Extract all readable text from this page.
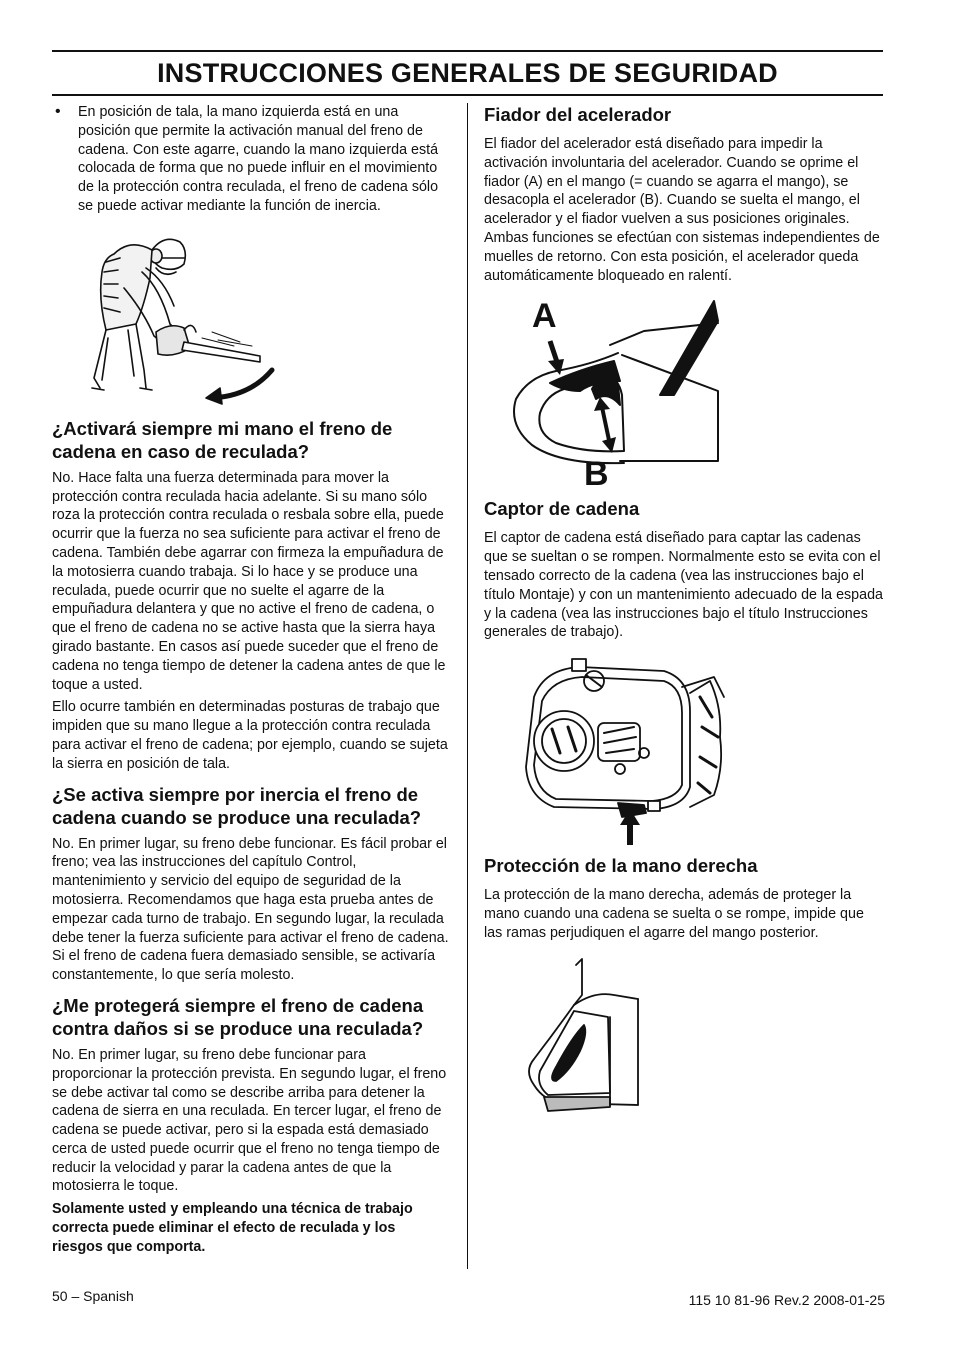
INSTRUCCIONES GENERALES DE SEGURIDAD
• En posición de tala, la mano izquierda está en una posición que permite la activación manual del freno de cadena. Con este agarre, cuando la mano izquierda está colocada de forma que no puede influir en el movimiento de la protección contra reculada, el freno de cadena sólo se puede activar mediante la función de inercia.

¿Activará siempre mi mano el freno de cadena en caso de reculada?

No. Hace falta una fuerza determinada para mover la protección contra reculada hacia adelante. Si su mano sólo roza la protección contra reculada o resbala sobre ella, puede ocurrir que la fuerza no sea suficiente para activar el freno de cadena. También debe agarrar con firmeza la empuñadura de la motosierra cuando trabaja. Si lo hace y se produce una reculada, puede ocurrir que no suelte el agarre de la empuñadura delantera y que no active el freno de cadena, o que el freno de cadena no se active hasta que la sierra haya girado bastante. En casos así puede suceder que el freno de cadena no tenga tiempo de detener la cadena antes de que le toque a usted.

Ello ocurre también en determinadas posturas de trabajo que impiden que su mano llegue a la protección contra reculada para activar el freno de cadena; por ejemplo, cuando se sujeta la sierra en posición de tala.

¿Se activa siempre por inercia el freno de cadena cuando se produce una reculada?

No. En primer lugar, su freno debe funcionar. Es fácil probar el freno; vea las instrucciones del capítulo Control, mantenimiento y servicio del equipo de seguridad de la motosierra. Recomendamos que haga esta prueba antes de empezar cada turno de trabajo. En segundo lugar, la reculada debe tener la fuerza suficiente para activar el freno de cadena. Si el freno de cadena fuera demasiado sensible, se activaría constantemente, lo que sería molesto.

¿Me protegerá siempre el freno de cadena contra daños si se produce una reculada?

No. En primer lugar, su freno debe funcionar para proporcionar la protección prevista. En segundo lugar, el freno se debe activar tal como se describe arriba para detener la cadena de sierra en una reculada. En tercer lugar, el freno de cadena se puede activar, pero si la espada está demasiado cerca de usted puede ocurrir que el freno no tenga tiempo de reducir la velocidad y parar la cadena antes de que la motosierra le toque.

Solamente usted y empleando una técnica de trabajo correcta puede eliminar el efecto de reculada y los riesgos que comporta.

Fiador del acelerador

El fiador del acelerador está diseñado para impedir la activación involuntaria del acelerador. Cuando se oprime el fiador (A) en el mango (= cuando se agarra el mango), se desacopla el acelerador (B). Cuando se suelta el mango, el acelerador y el fiador vuelven a sus posiciones originales. Ambas funciones se efectúan con sistemas independientes de muelles de retorno. Con esta posición, el acelerador queda automáticamente bloqueado en ralentí.

A
B
Captor de cadena

El captor de cadena está diseñado para captar las cadenas que se sueltan o se rompen. Normalmente esto se evita con el tensado correcto de la cadena (vea las instrucciones bajo el título Montaje) y con un mantenimiento adecuado de la espada y la cadena (vea las instrucciones bajo el título Instrucciones generales de trabajo).

Protección de la mano derecha

La protección de la mano derecha, además de proteger la mano cuando una cadena se suelta o se rompe, impide que las ramas perjudiquen el agarre del mango posterior.

50 – Spanish	115 10 81-96 Rev.2 2008-01-25
